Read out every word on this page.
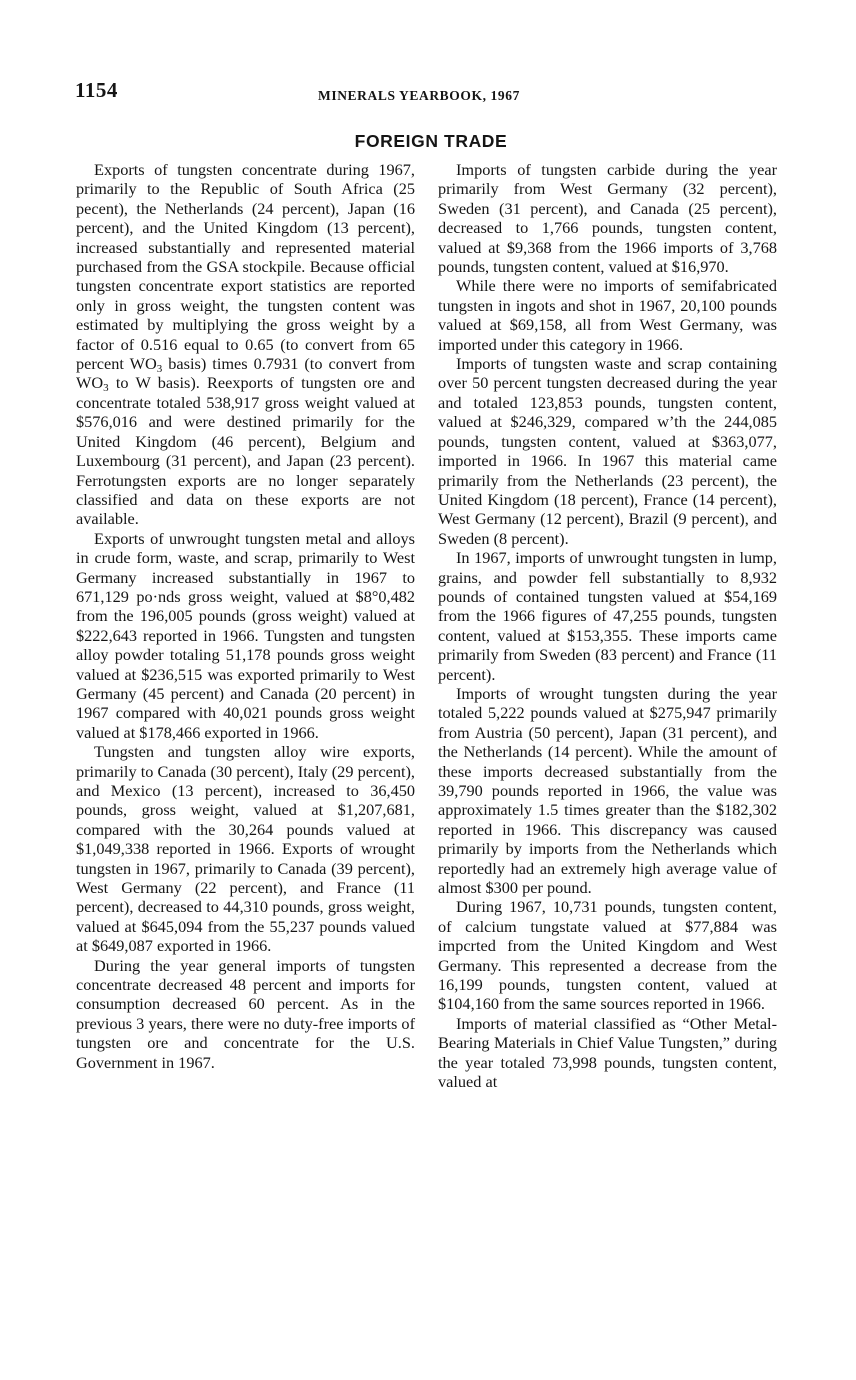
1154	MINERALS YEARBOOK, 1967
FOREIGN TRADE

Exports of tungsten concentrate during 1967, primarily to the Republic of South Africa (25 pecent), the Netherlands (24 percent), Japan (16 percent), and the United Kingdom (13 percent), increased substantially and represented material purchased from the GSA stockpile. Because official tungsten concentrate export statistics are reported only in gross weight, the tungsten content was estimated by multiplying the gross weight by a factor of 0.516 equal to 0.65 (to convert from 65 percent $WO_3$ basis) times 0.7931 (to convert from $WO_3$ to W basis). Reexports of tungsten ore and concentrate totaled 538,917 gross weight valued at $576,016 and were destined primarily for the United Kingdom (46 percent), Belgium and Luxembourg (31 percent), and Japan (23 percent). Ferrotungsten exports are no longer separately classified and data on these exports are not available.

Exports of unwrought tungsten metal and alloys in crude form, waste, and scrap, primarily to West Germany increased substantially in 1967 to 671,129 po·nds gross weight, valued at $8°0,482 from the 196,005 pounds (gross weight) valued at $222,643 reported in 1966. Tungsten and tungsten alloy powder totaling 51,178 pounds gross weight valued at $236,515 was exported primarily to West Germany (45 percent) and Canada (20 percent) in 1967 compared with 40,021 pounds gross weight valued at $178,466 exported in 1966.

Tungsten and tungsten alloy wire exports, primarily to Canada (30 percent), Italy (29 percent), and Mexico (13 percent), increased to 36,450 pounds, gross weight, valued at $1,207,681, compared with the 30,264 pounds valued at $1,049,338 reported in 1966. Exports of wrought tungsten in 1967, primarily to Canada (39 percent), West Germany (22 percent), and France (11 percent), decreased to 44,310 pounds, gross weight, valued at $645,094 from the 55,237 pounds valued at $649,087 exported in 1966.

During the year general imports of tungsten concentrate decreased 48 percent and imports for consumption decreased 60 percent. As in the previous 3 years, there were no duty-free imports of tungsten ore and concentrate for the U.S. Government in 1967.

Imports of tungsten carbide during the year primarily from West Germany (32 percent), Sweden (31 percent), and Canada (25 percent), decreased to 1,766 pounds, tungsten content, valued at $9,368 from the 1966 imports of 3,768 pounds, tungsten content, valued at $16,970.

While there were no imports of semifabricated tungsten in ingots and shot in 1967, 20,100 pounds valued at $69,158, all from West Germany, was imported under this category in 1966.

Imports of tungsten waste and scrap containing over 50 percent tungsten decreased during the year and totaled 123,853 pounds, tungsten content, valued at $246,329, compared w’th the 244,085 pounds, tungsten content, valued at $363,077, imported in 1966. In 1967 this material came primarily from the Netherlands (23 percent), the United Kingdom (18 percent), France (14 percent), West Germany (12 percent), Brazil (9 percent), and Sweden (8 percent).

In 1967, imports of unwrought tungsten in lump, grains, and powder fell substantially to 8,932 pounds of contained tungsten valued at $54,169 from the 1966 figures of 47,255 pounds, tungsten content, valued at $153,355. These imports came primarily from Sweden (83 percent) and France (11 percent).

Imports of wrought tungsten during the year totaled 5,222 pounds valued at $275,947 primarily from Austria (50 percent), Japan (31 percent), and the Netherlands (14 percent). While the amount of these imports decreased substantially from the 39,790 pounds reported in 1966, the value was approximately 1.5 times greater than the $182,302 reported in 1966. This discrepancy was caused primarily by imports from the Netherlands which reportedly had an extremely high average value of almost $300 per pound.

During 1967, 10,731 pounds, tungsten content, of calcium tungstate valued at $77,884 was impcrted from the United Kingdom and West Germany. This represented a decrease from the 16,199 pounds, tungsten content, valued at $104,160 from the same sources reported in 1966.

Imports of material classified as “Other Metal-Bearing Materials in Chief Value Tungsten,” during the year totaled 73,998 pounds, tungsten content, valued at
